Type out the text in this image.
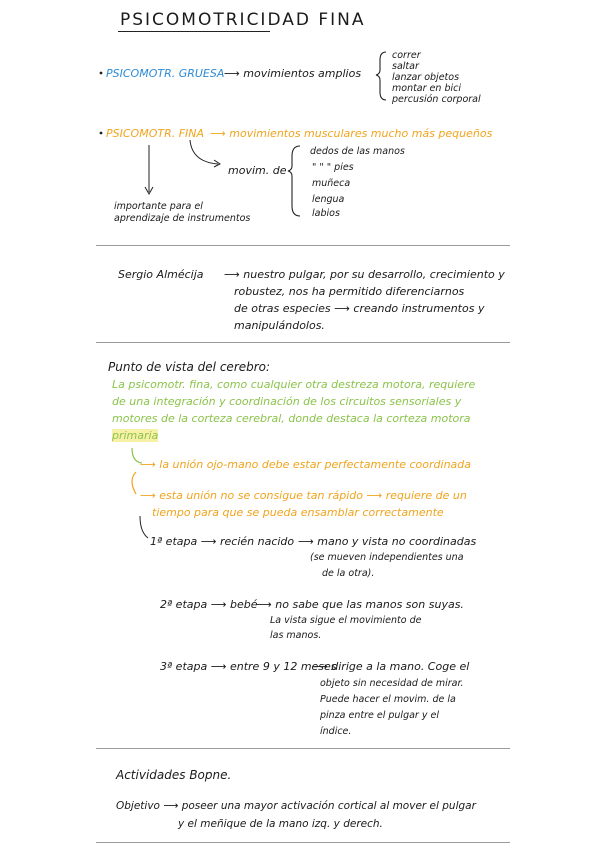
PSICOMOTRICIDAD FINA
PSICOMOTR. GRUESA ⟶ movimientos amplios
correr
saltar
lanzar objetos
montar en bici
percusión corporal
PSICOMOTR. FINA ⟶ movimientos musculares mucho más pequeños
movim. de
dedos de las manos
" " " pies
muñeca
lengua
labios
importante para el
aprendizaje de instrumentos
Sergio Almécija ⟶ nuestro pulgar, por su desarrollo, crecimiento y
robustez, nos ha permitido diferenciarnos
de otras especies ⟶ creando instrumentos y
manipulándolos.
Punto de vista del cerebro:
La psicomotr. fina, como cualquier otra destreza motora, requiere
de una integración y coordinación de los circuitos sensoriales y
motores de la corteza cerebral, donde destaca la corteza motora
primaria
⟶ la unión ojo-mano debe estar perfectamente coordinada
⟶ esta unión no se consigue tan rápido ⟶ requiere de un
tiempo para que se pueda ensamblar correctamente
1ª etapa ⟶ recién nacido ⟶ mano y vista no coordinadas
(se mueven independientes una
de la otra).
2ª etapa ⟶ bebé
⟶ no sabe que las manos son suyas.
La vista sigue el movimiento de
las manos.
3ª etapa ⟶ entre 9 y 12 meses
⟶ dirige a la mano. Coge el
objeto sin necesidad de mirar.
Puede hacer el movim. de la
pinza entre el pulgar y el
índice.
Actividades Bopne.
Objetivo ⟶ poseer una mayor activación cortical al mover el pulgar
y el meñique de la mano izq. y derech.
